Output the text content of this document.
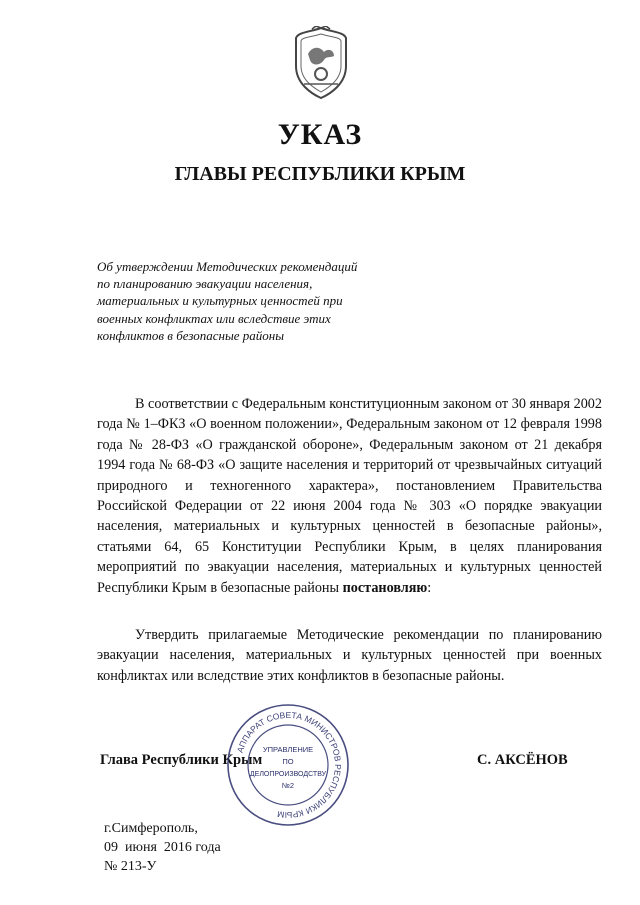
УКАЗ
ГЛАВЫ РЕСПУБЛИКИ КРЫМ
Об утверждении Методических рекомендаций
по планированию эвакуации населения,
материальных и культурных ценностей при
военных конфликтах или вследствие этих
конфликтов в безопасные районы

В соответствии с Федеральным конституционным законом от 30 января 2002 года № 1–ФКЗ «О военном положении», Федеральным законом от 12 февраля 1998 года № 28-ФЗ «О гражданской обороне», Федеральным законом от 21 декабря 1994 года № 68-ФЗ «О защите населения и территорий от чрезвычайных ситуаций природного и техногенного характера», постановлением Правительства Российской Федерации от 22 июня 2004 года № 303 «О порядке эвакуации населения, материальных и культурных ценностей в безопасные районы», статьями 64, 65 Конституции Республики Крым, в целях планирования мероприятий по эвакуации населения, материальных и культурных ценностей Республики Крым в безопасные районы постановляю:

Утвердить прилагаемые Методические рекомендации по планированию эвакуации населения, материальных и культурных ценностей при военных конфликтах или вследствие этих конфликтов в безопасные районы.

Глава Республики Крым
АППАРАТ СОВЕТА МИНИСТРОВ РЕСПУБЛИКИ КРЫМ
УПРАВЛЕНИЕ
ПО
ДЕЛОПРОИЗВОДСТВУ
№2
С. АКСЁНОВ
г.Симферополь,
09  июня  2016 года
№ 213-У
